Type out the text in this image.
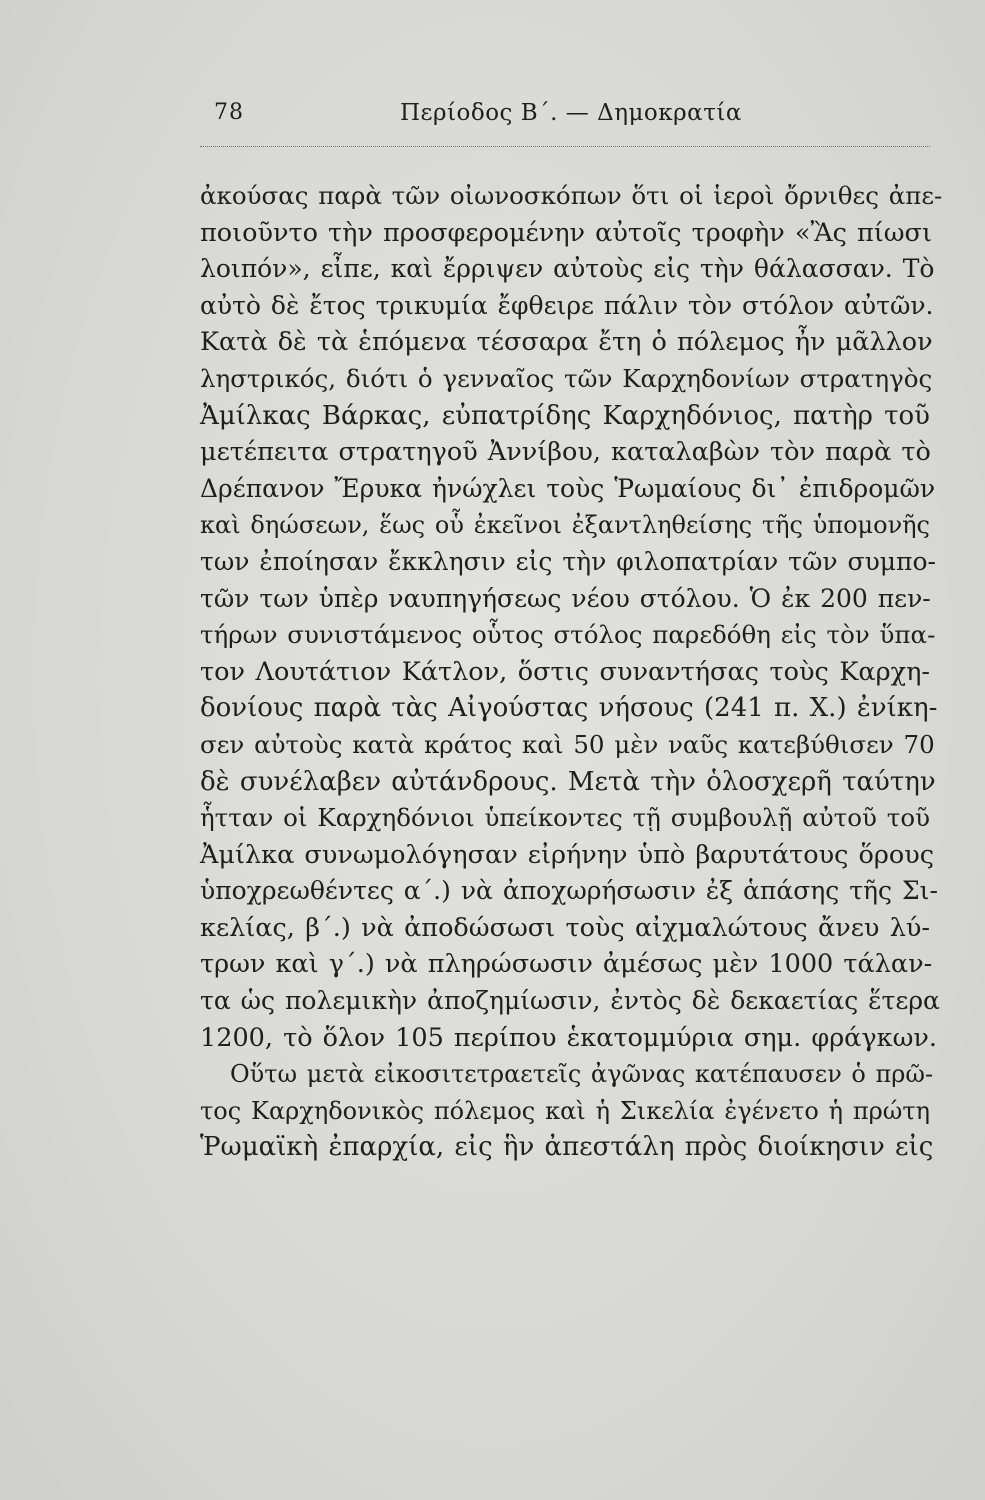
78	Περίοδος Β΄. — Δημοκρατία
ἀκούσας παρὰ τῶν οἰωνοσκόπων ὅτι οἱ ἱεροὶ ὄρνιθες ἀπε-
ποιοῦντο τὴν προσφερομένην αὐτοῖς τροφὴν «Ἂς πίωσι
λοιπόν», εἶπε, καὶ ἔρριψεν αὐτοὺς εἰς τὴν θάλασσαν. Τὸ
αὐτὸ δὲ ἔτος τρικυμία ἔφθειρε πάλιν τὸν στόλον αὐτῶν.
Κατὰ δὲ τὰ ἑπόμενα τέσσαρα ἔτη ὁ πόλεμος ἦν μᾶλλον
ληστρικός, διότι ὁ γενναῖος τῶν Καρχηδονίων στρατηγὸς
Ἀμίλκας Βάρκας, εὐπατρίδης Καρχηδόνιος, πατὴρ τοῦ
μετέπειτα στρατηγοῦ Ἀννίβου, καταλαβὼν τὸν παρὰ τὸ
Δρέπανον Ἔρυκα ἠνώχλει τοὺς Ῥωμαίους δι᾽ ἐπιδρομῶν
καὶ δηώσεων, ἕως οὗ ἐκεῖνοι ἐξαντληθείσης τῆς ὑπομονῆς
των ἐποίησαν ἔκκλησιν εἰς τὴν φιλοπατρίαν τῶν συμπο-
τῶν των ὑπὲρ ναυπηγήσεως νέου στόλου. Ὁ ἐκ 200 πεν-
τήρων συνιστάμενος οὗτος στόλος παρεδόθη εἰς τὸν ὕπα-
τον Λουτάτιον Κάτλον, ὅστις συναντήσας τοὺς Καρχη-
δονίους παρὰ τὰς Αἰγούστας νήσους (241 π. Χ.) ἐνίκη-
σεν αὐτοὺς κατὰ κράτος καὶ 50 μὲν ναῦς κατεβύθισεν 70
δὲ συνέλαβεν αὐτάνδρους. Μετὰ τὴν ὁλοσχερῆ ταύτην
ἧτταν οἱ Καρχηδόνιοι ὑπείκοντες τῇ συμβουλῇ αὐτοῦ τοῦ
Ἀμίλκα συνωμολόγησαν εἰρήνην ὑπὸ βαρυτάτους ὅρους
ὑποχρεωθέντες α΄.) νὰ ἀποχωρήσωσιν ἐξ ἁπάσης τῆς Σι-
κελίας, β΄.) νὰ ἀποδώσωσι τοὺς αἰχμαλώτους ἄνευ λύ-
τρων καὶ γ΄.) νὰ πληρώσωσιν ἀμέσως μὲν 1000 τάλαν-
τα ὡς πολεμικὴν ἀποζημίωσιν, ἐντὸς δὲ δεκαετίας ἕτερα
1200, τὸ ὅλον 105 περίπου ἑκατομμύρια σημ. φράγκων.
Οὕτω μετὰ εἰκοσιτετραετεῖς ἀγῶνας κατέπαυσεν ὁ πρῶ-
τος Καρχηδονικὸς πόλεμος καὶ ἡ Σικελία ἐγένετο ἡ πρώτη
Ῥωμαϊκὴ ἐπαρχία, εἰς ἣν ἀπεστάλη πρὸς διοίκησιν εἰς
